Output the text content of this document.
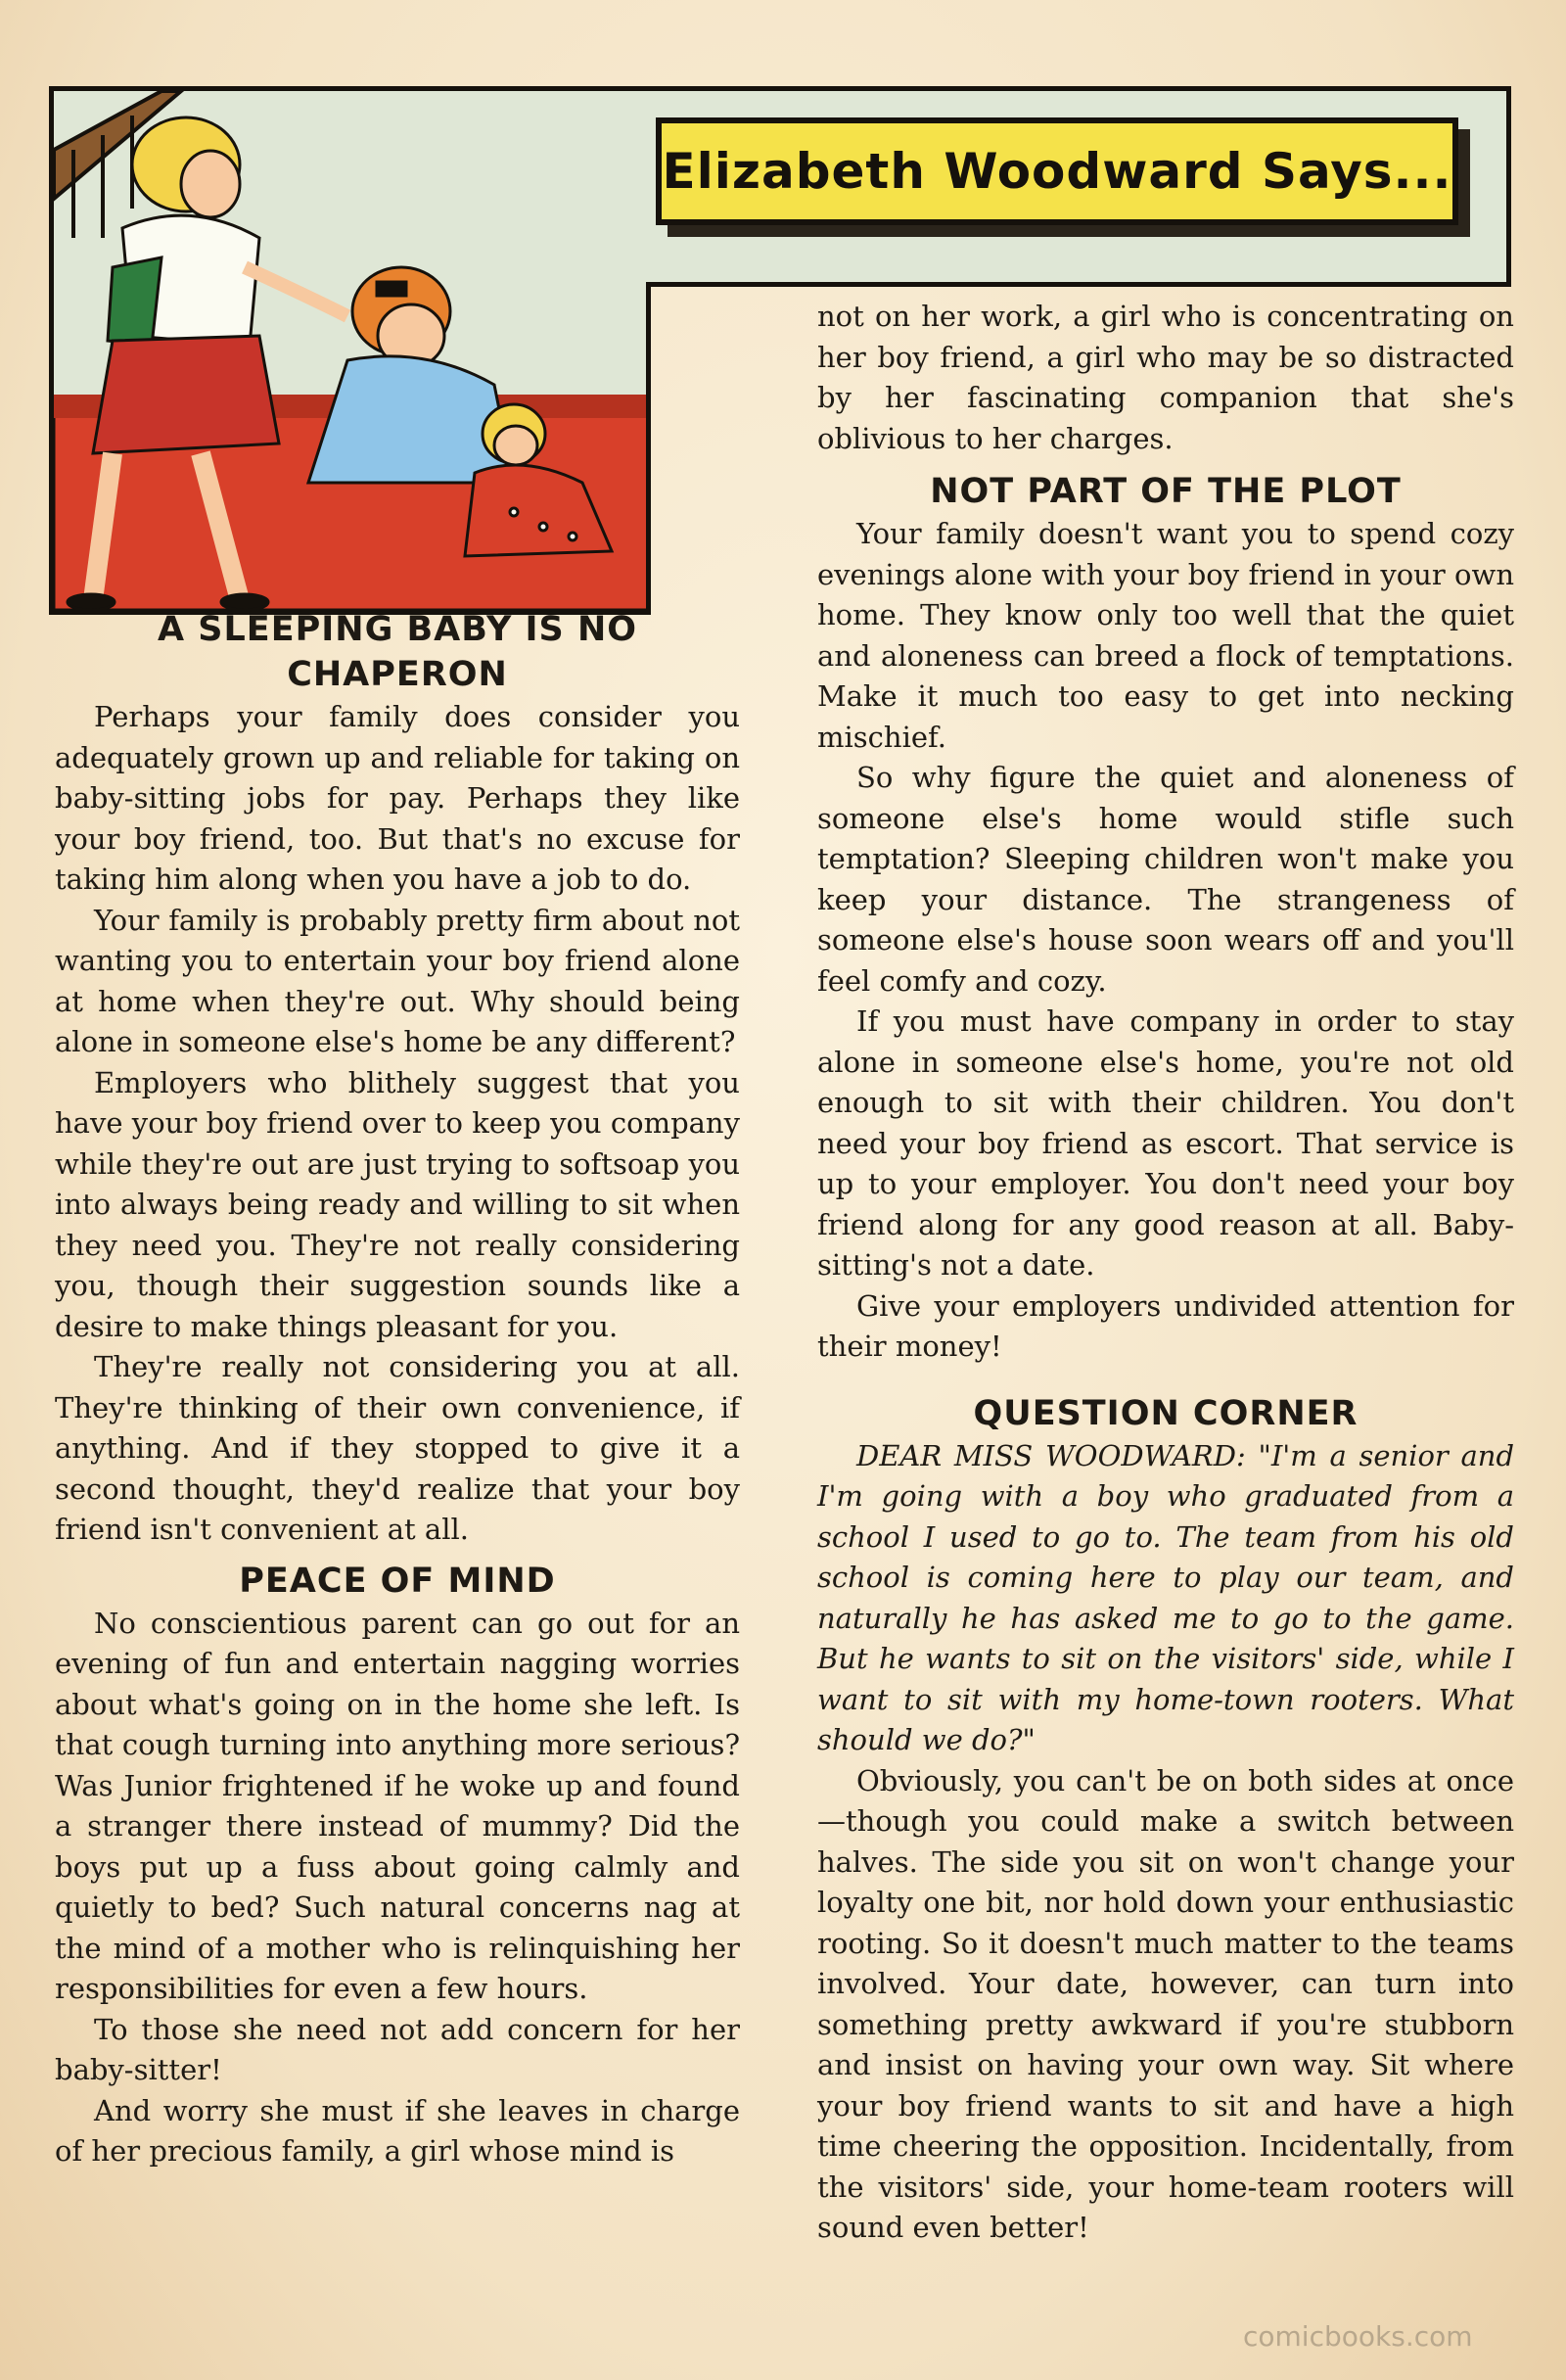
Elizabeth Woodward Says...
A SLEEPING BABY IS NO CHAPERON

Perhaps your family does consider you adequately grown up and reliable for taking on baby-sitting jobs for pay. Perhaps they like your boy friend, too. But that's no excuse for taking him along when you have a job to do.

Your family is probably pretty firm about not wanting you to entertain your boy friend alone at home when they're out. Why should being alone in someone else's home be any different?

Employers who blithely suggest that you have your boy friend over to keep you company while they're out are just trying to softsoap you into always being ready and willing to sit when they need you. They're not really considering you, though their suggestion sounds like a desire to make things pleasant for you.

They're really not considering you at all. They're thinking of their own convenience, if anything. And if they stopped to give it a second thought, they'd realize that your boy friend isn't convenient at all.

PEACE OF MIND

No conscientious parent can go out for an evening of fun and entertain nagging worries about what's going on in the home she left. Is that cough turning into anything more serious? Was Junior frightened if he woke up and found a stranger there instead of mummy? Did the boys put up a fuss about going calmly and quietly to bed? Such natural concerns nag at the mind of a mother who is relinquishing her responsibilities for even a few hours.

To those she need not add concern for her baby-sitter!

And worry she must if she leaves in charge of her precious family, a girl whose mind is

not on her work, a girl who is concentrating on her boy friend, a girl who may be so distracted by her fascinating companion that she's oblivious to her charges.

NOT PART OF THE PLOT

Your family doesn't want you to spend cozy evenings alone with your boy friend in your own home. They know only too well that the quiet and aloneness can breed a flock of temptations. Make it much too easy to get into necking mischief.

So why figure the quiet and aloneness of someone else's home would stifle such temptation? Sleeping children won't make you keep your distance. The strangeness of someone else's house soon wears off and you'll feel comfy and cozy.

If you must have company in order to stay alone in someone else's home, you're not old enough to sit with their children. You don't need your boy friend as escort. That service is up to your employer. You don't need your boy friend along for any good reason at all. Baby-sitting's not a date.

Give your employers undivided attention for their money!

QUESTION CORNER

DEAR MISS WOODWARD: "I'm a senior and I'm going with a boy who graduated from a school I used to go to. The team from his old school is coming here to play our team, and naturally he has asked me to go to the game. But he wants to sit on the visitors' side, while I want to sit with my home-town rooters. What should we do?"

Obviously, you can't be on both sides at once—though you could make a switch between halves. The side you sit on won't change your loyalty one bit, nor hold down your enthusiastic rooting. So it doesn't much matter to the teams involved. Your date, however, can turn into something pretty awkward if you're stubborn and insist on having your own way. Sit where your boy friend wants to sit and have a high time cheering the opposition. Incidentally, from the visitors' side, your home-team rooters will sound even better!

comicbooks.com
